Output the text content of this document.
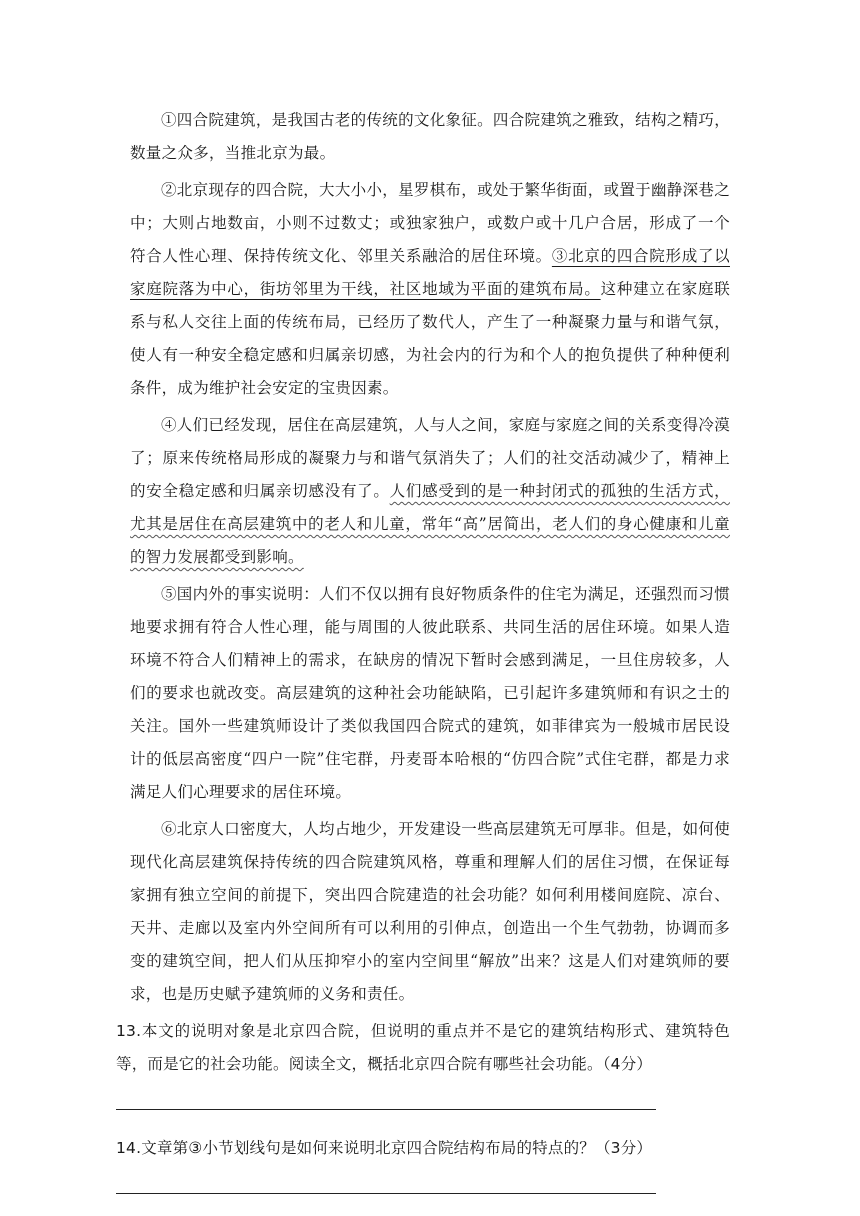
①四合院建筑，是我国古老的传统的文化象征。四合院建筑之雅致，结构之精巧，数量之众多，当推北京为最。

②北京现存的四合院，大大小小，星罗棋布，或处于繁华街面，或置于幽静深巷之中；大则占地数亩，小则不过数丈；或独家独户，或数户或十几户合居，形成了一个符合人性心理、保持传统文化、邻里关系融洽的居住环境。③北京的四合院形成了以家庭院落为中心，街坊邻里为干线，社区地域为平面的建筑布局。这种建立在家庭联系与私人交往上面的传统布局，已经历了数代人，产生了一种凝聚力量与和谐气氛，使人有一种安全稳定感和归属亲切感，为社会内的行为和个人的抱负提供了种种便利条件，成为维护社会安定的宝贵因素。

④人们已经发现，居住在高层建筑，人与人之间，家庭与家庭之间的关系变得冷漠了；原来传统格局形成的凝聚力与和谐气氛消失了；人们的社交活动减少了，精神上的安全稳定感和归属亲切感没有了。人们感受到的是一种封闭式的孤独的生活方式，尤其是居住在高层建筑中的老人和儿童，常年“高”居简出，老人们的身心健康和儿童的智力发展都受到影响。

⑤国内外的事实说明：人们不仅以拥有良好物质条件的住宅为满足，还强烈而习惯地要求拥有符合人性心理，能与周围的人彼此联系、共同生活的居住环境。如果人造环境不符合人们精神上的需求，在缺房的情况下暂时会感到满足，一旦住房较多，人们的要求也就改变。高层建筑的这种社会功能缺陷，已引起许多建筑师和有识之士的关注。国外一些建筑师设计了类似我国四合院式的建筑，如菲律宾为一般城市居民设计的低层高密度“四户一院”住宅群，丹麦哥本哈根的“仿四合院”式住宅群，都是力求满足人们心理要求的居住环境。

⑥北京人口密度大，人均占地少，开发建设一些高层建筑无可厚非。但是，如何使现代化高层建筑保持传统的四合院建筑风格，尊重和理解人们的居住习惯，在保证每家拥有独立空间的前提下，突出四合院建造的社会功能？如何利用楼间庭院、凉台、天井、走廊以及室内外空间所有可以利用的引伸点，创造出一个生气勃勃，协调而多变的建筑空间，把人们从压抑窄小的室内空间里“解放”出来？这是人们对建筑师的要求，也是历史赋予建筑师的义务和责任。

13.本文的说明对象是北京四合院，但说明的重点并不是它的建筑结构形式、建筑特色等，而是它的社会功能。阅读全文，概括北京四合院有哪些社会功能。（4分）

14.文章第③小节划线句是如何来说明北京四合院结构布局的特点的？（3分）
